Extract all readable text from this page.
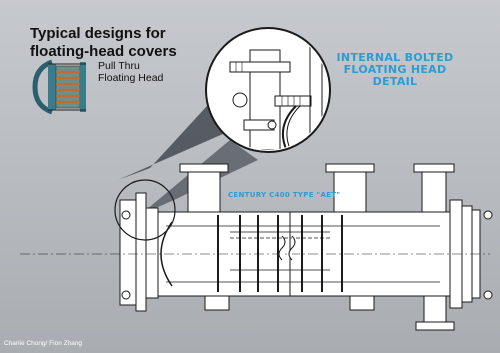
Typical designs for
floating-head covers
Pull Thru
Floating Head
INTERNAL BOLTED
FLOATING HEAD
DETAIL
CENTURY C400 TYPE "AET"
Charlie Chong/ Fion Zhang
